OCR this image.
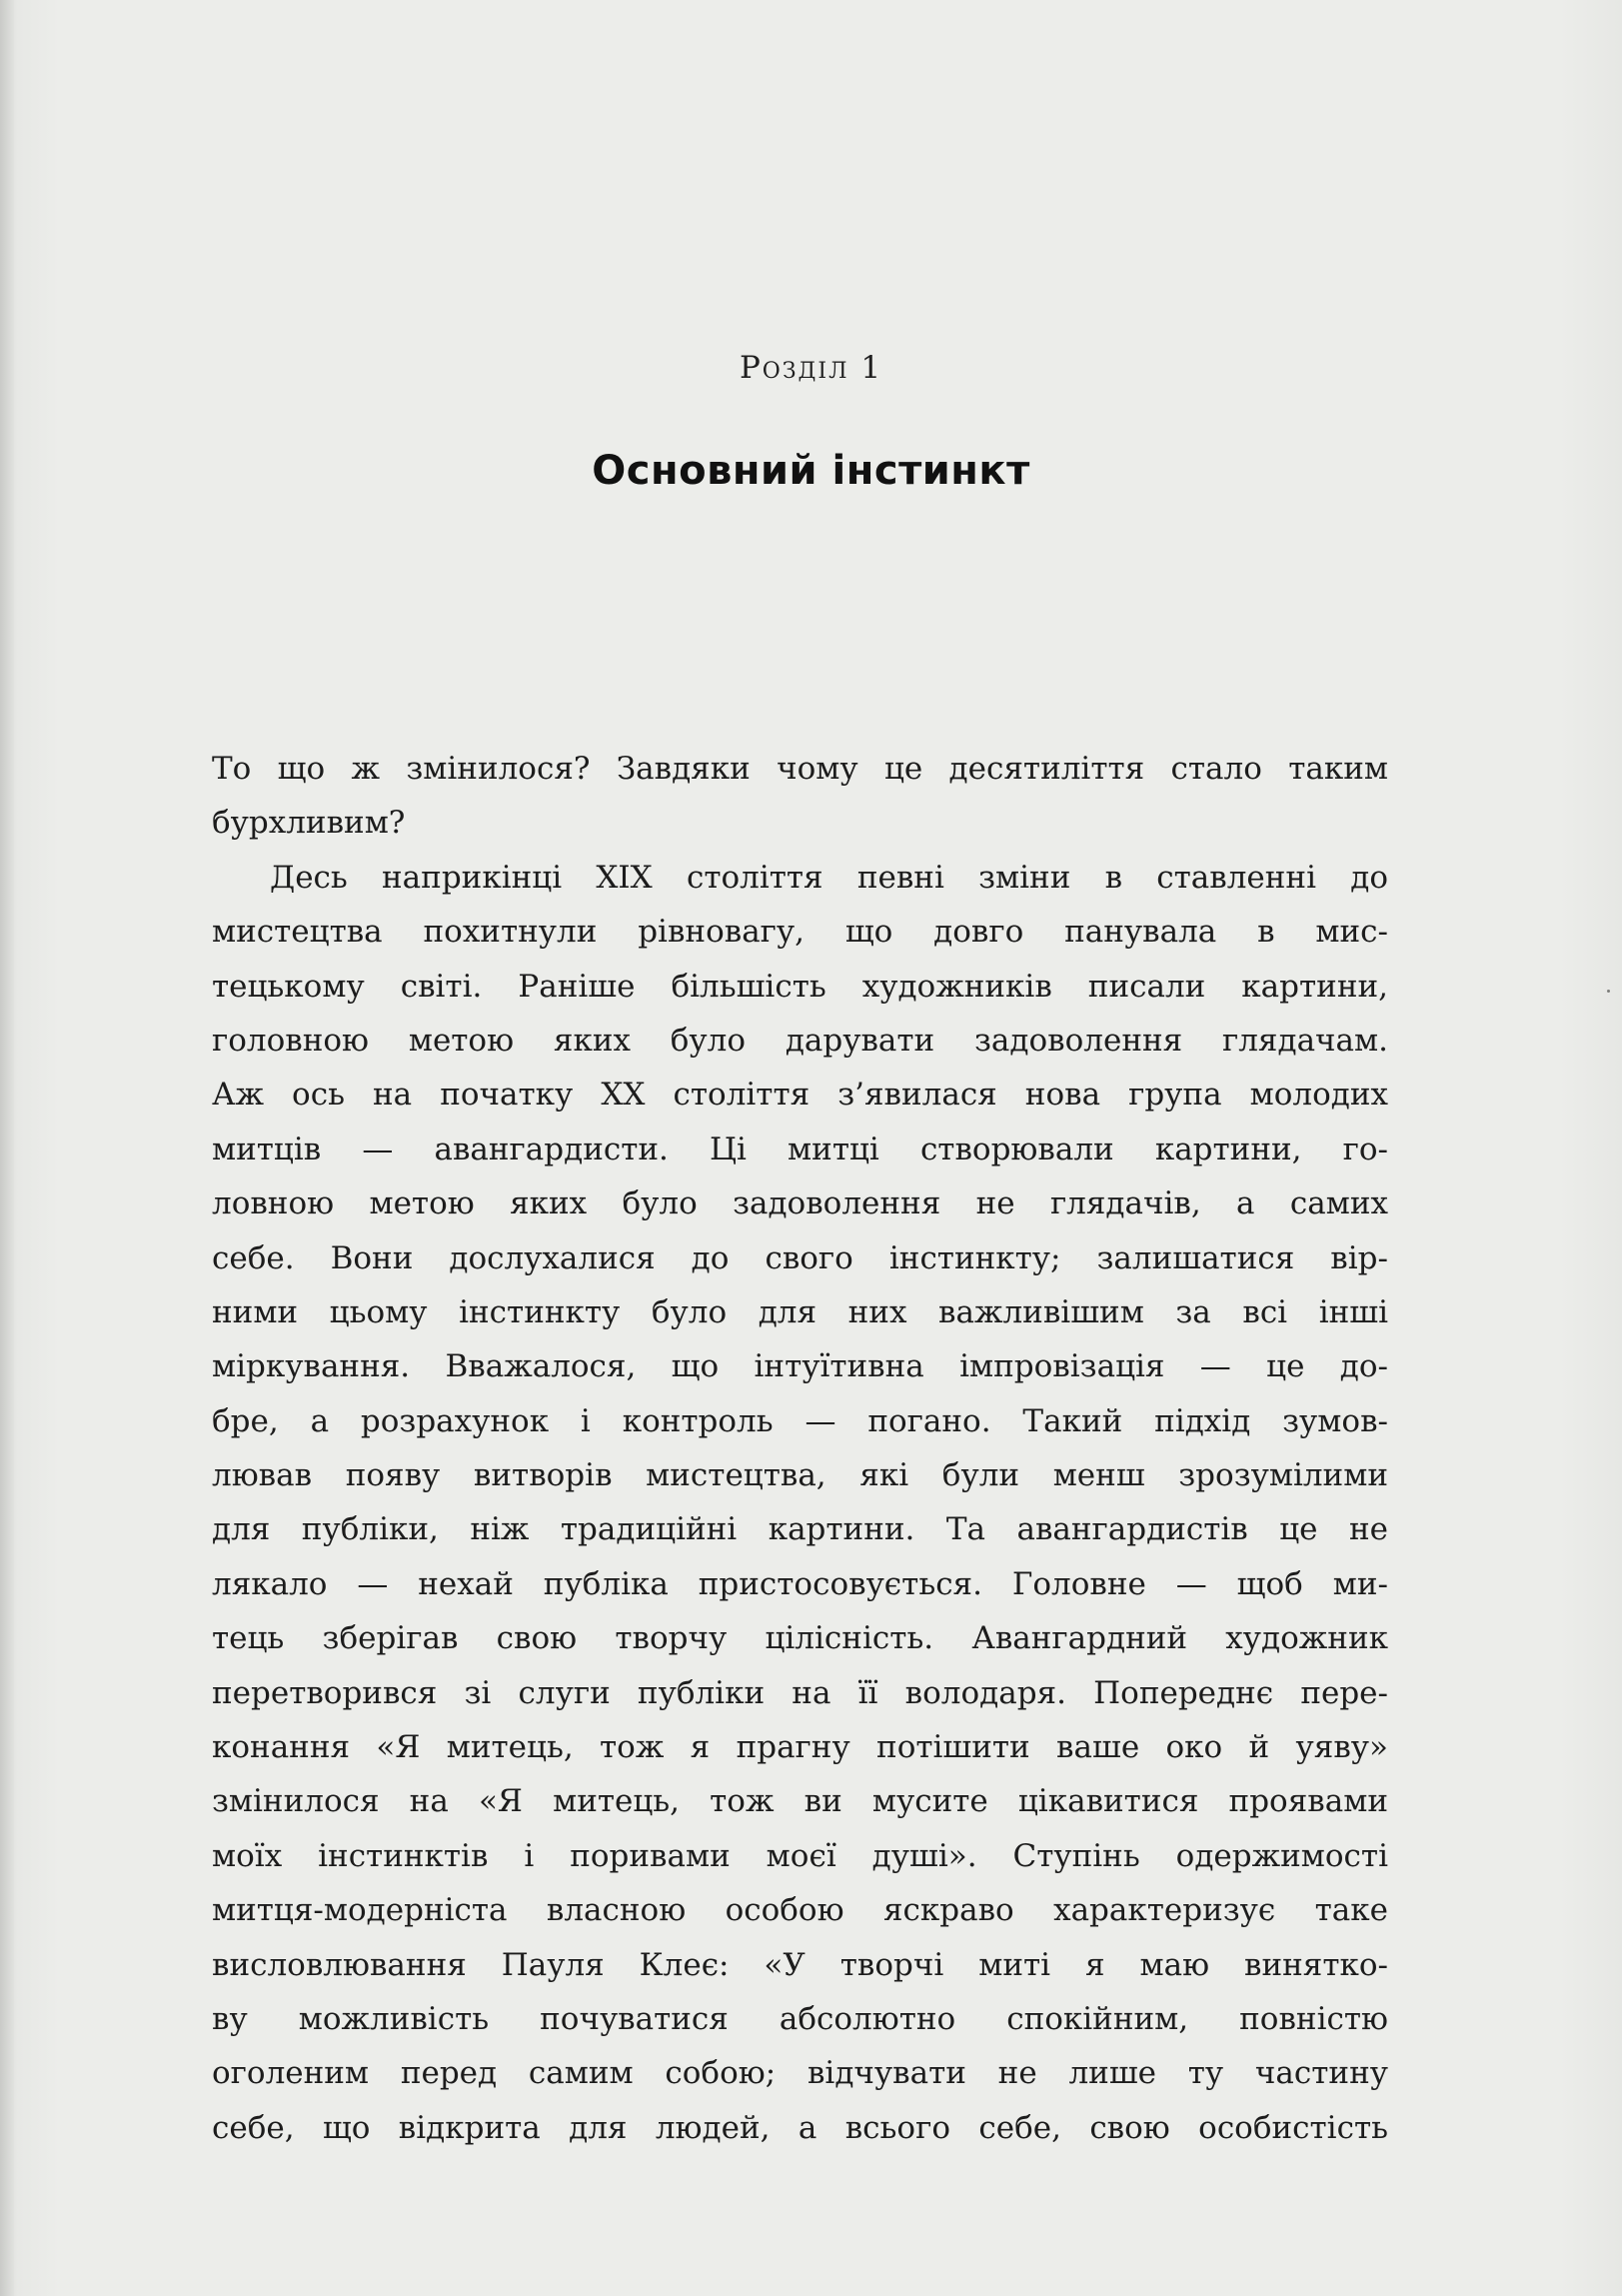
Розділ 1
Основний інстинкт
То що ж змінилося? Завдяки чому це десятиліття стало таким
бурхливим?
Десь наприкінці XIX століття певні зміни в ставленні до
мистецтва похитнули рівновагу, що довго панувала в мис-
тецькому світі. Раніше більшість художників писали картини,
головною метою яких було дарувати задоволення глядачам.
Аж ось на початку XX століття з’явилася нова група молодих
митців — авангардисти. Ці митці створювали картини, го-
ловною метою яких було задоволення не глядачів, а самих
себе. Вони дослухалися до свого інстинкту; залишатися вір-
ними цьому інстинкту було для них важливішим за всі інші
міркування. Вважалося, що інтуїтивна імпровізація — це до-
бре, а розрахунок і контроль — погано. Такий підхід зумов-
лював появу витворів мистецтва, які були менш зрозумілими
для публіки, ніж традиційні картини. Та авангардистів це не
лякало — нехай публіка пристосовується. Головне — щоб ми-
тець зберігав свою творчу цілісність. Авангардний художник
перетворився зі слуги публіки на її володаря. Попереднє пере-
конання «Я митець, тож я прагну потішити ваше око й уяву»
змінилося на «Я митець, тож ви мусите цікавитися проявами
моїх інстинктів і поривами моєї душі». Ступінь одержимості
митця-модерніста власною особою яскраво характеризує таке
висловлювання Пауля Клеє: «У творчі миті я маю винятко-
ву можливість почуватися абсолютно спокійним, повністю
оголеним перед самим собою; відчувати не лише ту частину
себе, що відкрита для людей, а всього себе, свою особистість
